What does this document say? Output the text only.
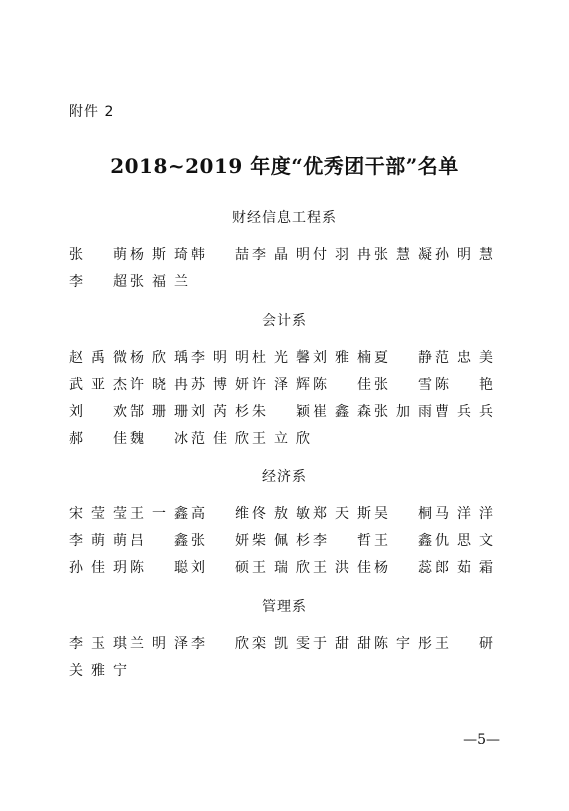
附件 2
2018~2019 年度“优秀团干部”名单
财经信息工程系
张 萌 杨斯琦 韩 喆 李晶明 付羽冉 张慧凝 孙明慧
李 超 张福兰
会计系
赵禹微 杨欣瑀 李明明 杜光馨 刘雅楠 夏 静 范忠美
武亚杰 许晓冉 苏博妍 许泽辉 陈 佳 张 雪 陈 艳
刘 欢 郜珊珊 刘芮杉 朱 颖 崔鑫森 张加雨 曹兵兵
郝 佳 魏 冰 范佳欣 王立欣
经济系
宋莹莹 王一鑫 高 维 佟敖敏 郑天斯 吴 桐 马洋洋
李萌萌 吕 鑫 张 妍 柴佩杉 李 哲 王 鑫 仇思文
孙佳玥 陈 聪 刘 硕 王瑞欣 王洪佳 杨 蕊 郎茹霜
管理系
李玉琪 兰明泽 李 欣 栾凯雯 于甜甜 陈宇彤 王 研
关雅宁
—5—
